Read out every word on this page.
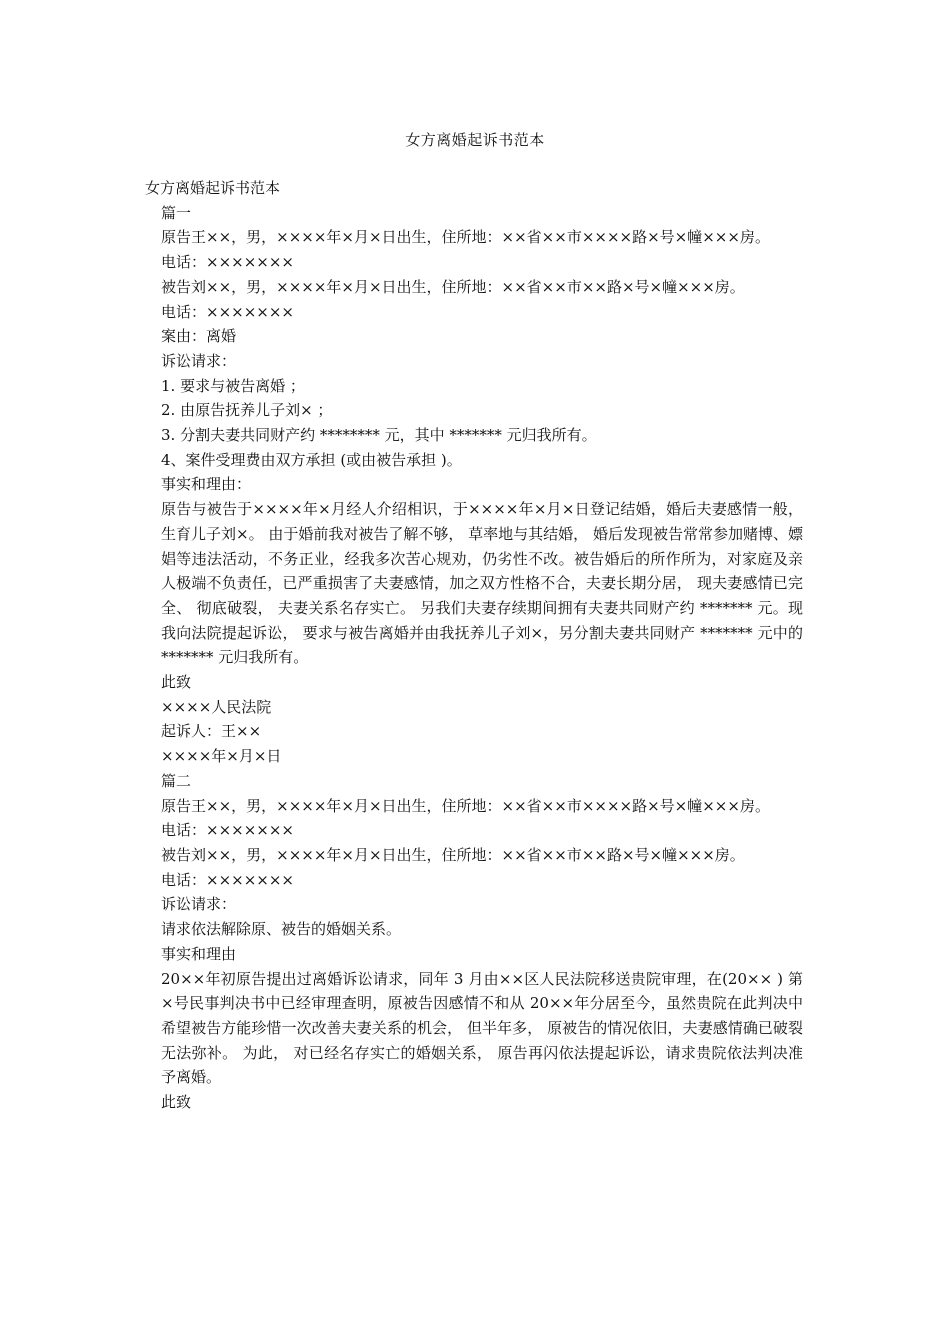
女方离婚起诉书范本
女方离婚起诉书范本
篇一
原告王××，男，××××年×月×日出生，住所地：××省××市××××路×号×幢×××房。
电话：×××××××
被告刘××，男，××××年×月×日出生，住所地：××省××市××路×号×幢×××房。
电话：×××××××
案由：离婚
诉讼请求：
1. 要求与被告离婚 ；
2. 由原告抚养儿子刘× ；
3. 分割夫妻共同财产约 ******** 元，其中 ******* 元归我所有。
4、案件受理费由双方承担 (或由被告承担 )。
事实和理由：
原告与被告于××××年×月经人介绍相识，于××××年×月×日登记结婚，婚后夫妻感情一般， 生育儿子刘×。 由于婚前我对被告了解不够， 草率地与其结婚， 婚后发现被告常常参加赌博、嫖娼等违法活动，不务正业，经我多次苦心规劝，仍劣性不改。被告婚后的所作所为，对家庭及亲人极端不负责任，已严重损害了夫妻感情，加之双方性格不合，夫妻长期分居， 现夫妻感情已完全、 彻底破裂， 夫妻关系名存实亡。 另我们夫妻存续期间拥有夫妻共同财产约 ******* 元。现我向法院提起诉讼， 要求与被告离婚并由我抚养儿子刘×，另分割夫妻共同财产 ******* 元中的 ******* 元归我所有。
此致
××××人民法院
起诉人：王××
××××年×月×日
篇二
原告王××，男，××××年×月×日出生，住所地：××省××市××××路×号×幢×××房。
电话：×××××××
被告刘××，男，××××年×月×日出生，住所地：××省××市××路×号×幢×××房。
电话：×××××××
诉讼请求：
请求依法解除原、被告的婚姻关系。
事实和理由
20××年初原告提出过离婚诉讼请求，同年 3 月由××区人民法院移送贵院审理，在(20×× ) 第×号民事判决书中已经审理查明，原被告因感情不和从 20××年分居至今，虽然贵院在此判决中希望被告方能珍惜一次改善夫妻关系的机会， 但半年多， 原被告的情况依旧，夫妻感情确已破裂无法弥补。 为此， 对已经名存实亡的婚姻关系， 原告再闪依法提起诉讼，请求贵院依法判决准予离婚。
此致
